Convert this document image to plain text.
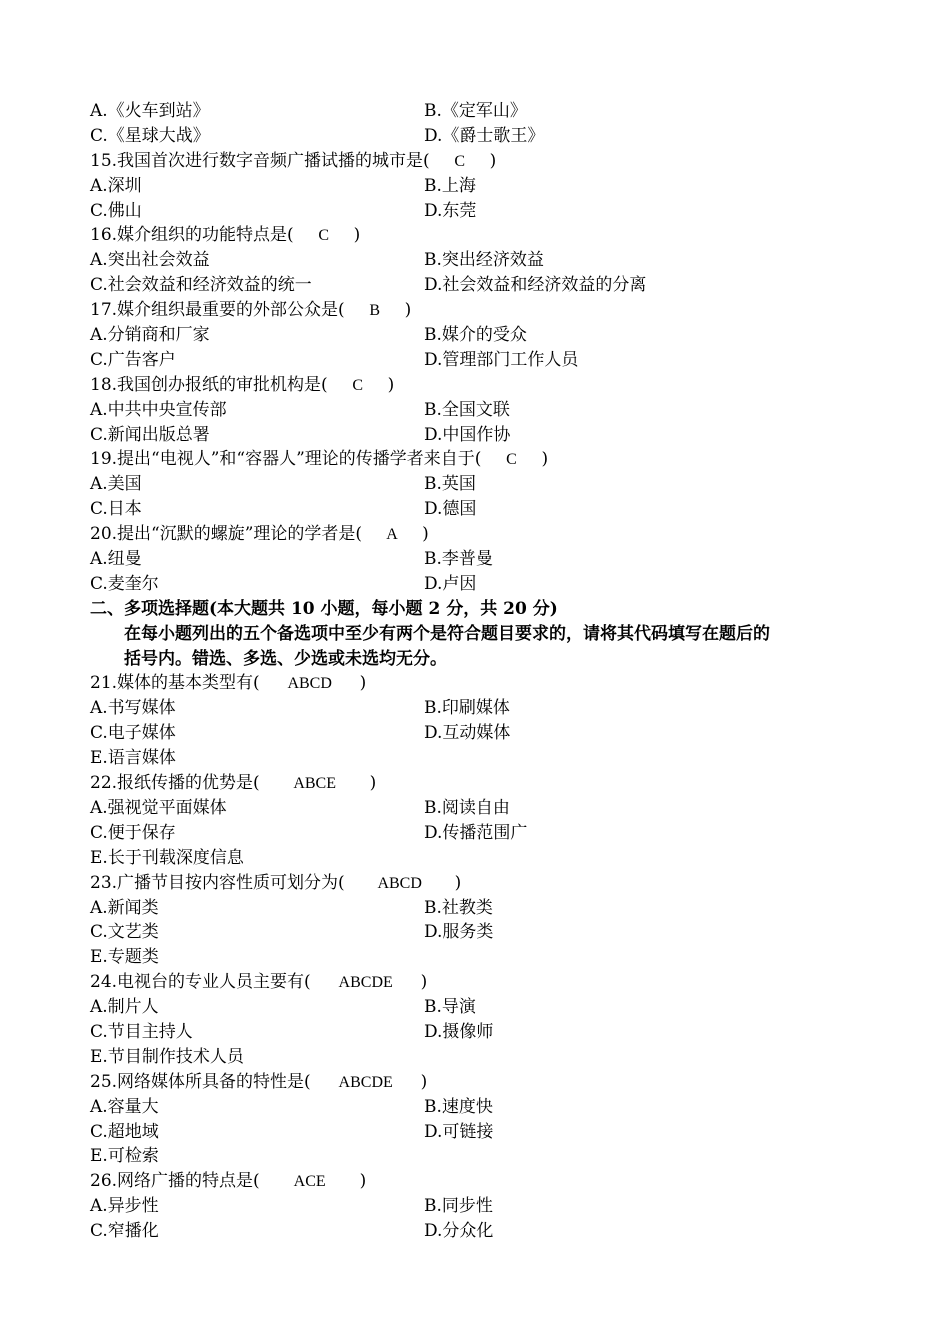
A.《火车到站》	B.《定军山》
C.《星球大战》	D.《爵士歌王》
15.我国首次进行数字音频广播试播的城市是( C )
A.深圳	B.上海
C.佛山	D.东莞
16.媒介组织的功能特点是( C )
A.突出社会效益	B.突出经济效益
C.社会效益和经济效益的统一	D.社会效益和经济效益的分离
17.媒介组织最重要的外部公众是( B )
A.分销商和厂家	B.媒介的受众
C.广告客户	D.管理部门工作人员
18.我国创办报纸的审批机构是( C )
A.中共中央宣传部	B.全国文联
C.新闻出版总署	D.中国作协
19.提出“电视人”和“容器人”理论的传播学者来自于( C )
A.美国	B.英国
C.日本	D.德国
20.提出“沉默的螺旋”理论的学者是( A )
A.纽曼	B.李普曼
C.麦奎尔	D.卢因
二、多项选择题(本大题共 10 小题，每小题 2 分，共 20 分)
在每小题列出的五个备选项中至少有两个是符合题目要求的，请将其代码填写在题后的
括号内。错选、多选、少选或未选均无分。
21.媒体的基本类型有( ABCD )
A.书写媒体	B.印刷媒体
C.电子媒体	D.互动媒体
E.语言媒体
22.报纸传播的优势是( ABCE )
A.强视觉平面媒体	B.阅读自由
C.便于保存	D.传播范围广
E.长于刊载深度信息
23.广播节目按内容性质可划分为( ABCD )
A.新闻类	B.社教类
C.文艺类	D.服务类
E.专题类
24.电视台的专业人员主要有( ABCDE )
A.制片人	B.导演
C.节目主持人	D.摄像师
E.节目制作技术人员
25.网络媒体所具备的特性是( ABCDE )
A.容量大	B.速度快
C.超地域	D.可链接
E.可检索
26.网络广播的特点是( ACE )
A.异步性	B.同步性
C.窄播化	D.分众化
